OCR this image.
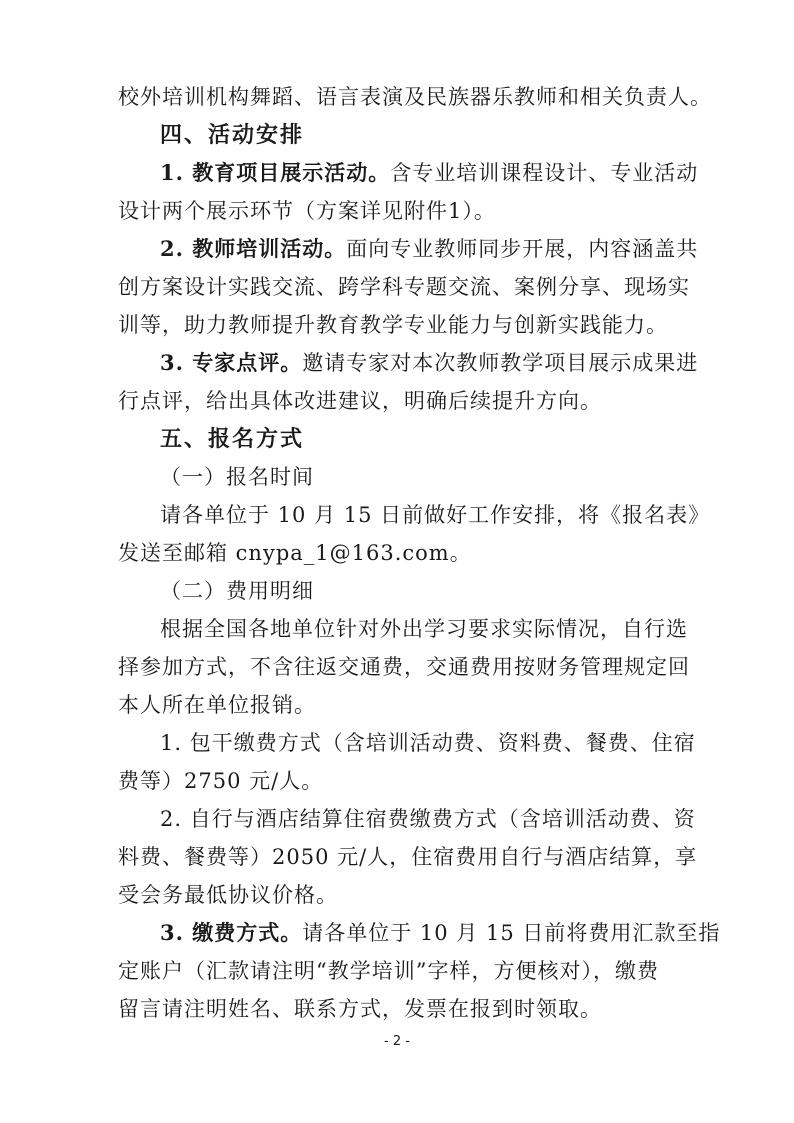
校外培训机构舞蹈、语言表演及民族器乐教师和相关负责人。
四、活动安排
1. 教育项目展示活动。含专业培训课程设计、专业活动
设计两个展示环节（方案详见附件1）。
2. 教师培训活动。面向专业教师同步开展，内容涵盖共
创方案设计实践交流、跨学科专题交流、案例分享、现场实
训等，助力教师提升教育教学专业能力与创新实践能力。
3. 专家点评。邀请专家对本次教师教学项目展示成果进
行点评，给出具体改进建议，明确后续提升方向。
五、报名方式
（一）报名时间
请各单位于 10 月 15 日前做好工作安排，将《报名表》
发送至邮箱 cnypa_1@163.com。
（二）费用明细
根据全国各地单位针对外出学习要求实际情况，自行选
择参加方式，不含往返交通费，交通费用按财务管理规定回
本人所在单位报销。
1. 包干缴费方式（含培训活动费、资料费、餐费、住宿
费等）2750 元/人。
2. 自行与酒店结算住宿费缴费方式（含培训活动费、资
料费、餐费等）2050 元/人，住宿费用自行与酒店结算，享
受会务最低协议价格。
3. 缴费方式。请各单位于 10 月 15 日前将费用汇款至指
定账户（汇款请注明“教学培训”字样，方便核对），缴费
留言请注明姓名、联系方式，发票在报到时领取。
- 2 -
